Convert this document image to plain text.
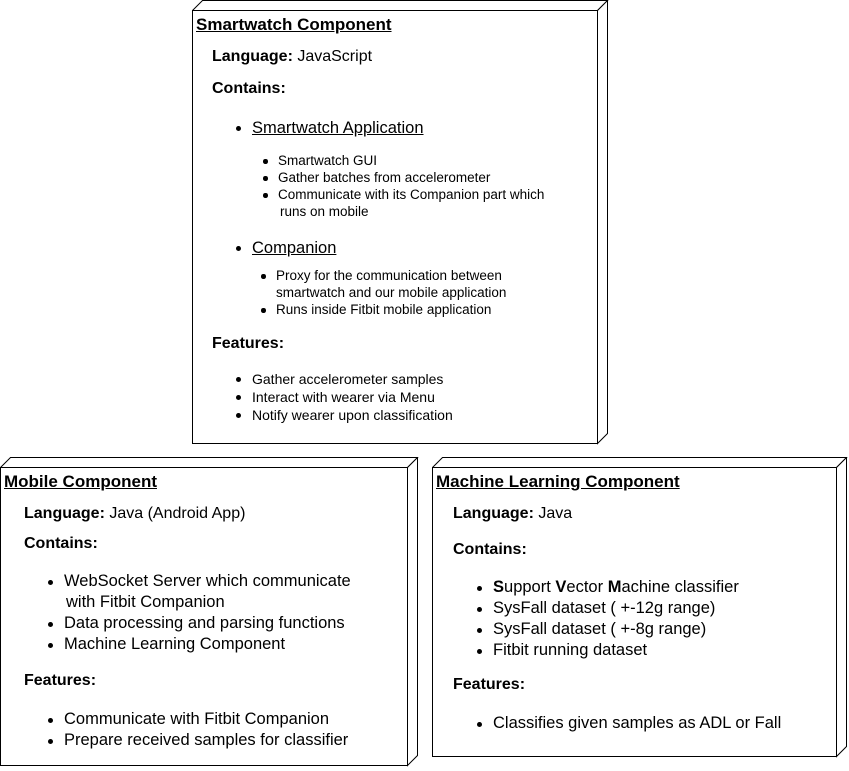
Smartwatch Component
Language: JavaScript
Contains:
Smartwatch Application
Smartwatch GUI
Gather batches from accelerometer
Communicate with its Companion part which
runs on mobile
Companion
Proxy for the communication between
smartwatch and our mobile application
Runs inside Fitbit mobile application
Features:
Gather accelerometer samples
Interact with wearer via Menu
Notify wearer upon classification
Mobile Component
Language: Java (Android App)
Contains:
WebSocket Server which communicate
with Fitbit Companion
Data processing and parsing functions
Machine Learning Component
Features:
Communicate with Fitbit Companion
Prepare received samples for classifier
Machine Learning Component
Language: Java
Contains:
Support Vector Machine classifier
SysFall dataset ( +-12g range)
SysFall dataset ( +-8g range)
Fitbit running dataset
Features:
Classifies given samples as ADL or Fall
